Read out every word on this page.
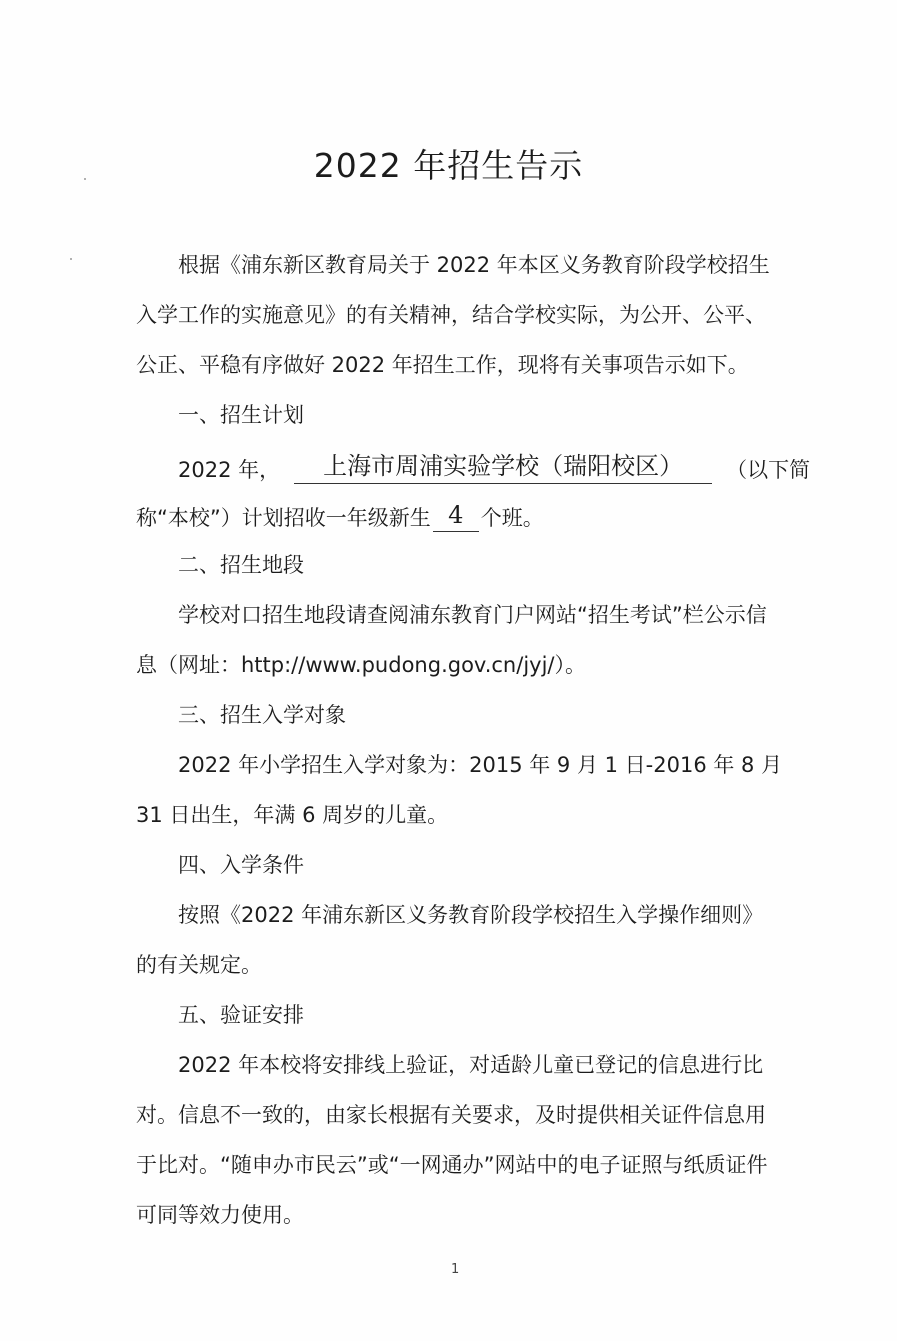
2022 年招生告示
根据《浦东新区教育局关于 2022 年本区义务教育阶段学校招生
入学工作的实施意见》的有关精神，结合学校实际，为公开、公平、
公正、平稳有序做好 2022 年招生工作，现将有关事项告示如下。
一、招生计划
2022 年，	上海市周浦实验学校（瑞阳校区）	（以下简
称“本校”）计划招收一年级新生 4 个班。
二、招生地段
学校对口招生地段请查阅浦东教育门户网站“招生考试”栏公示信
息（网址：http://www.pudong.gov.cn/jyj/）。
三、招生入学对象
2022 年小学招生入学对象为：2015 年 9 月 1 日-2016 年 8 月
31 日出生，年满 6 周岁的儿童。
四、入学条件
按照《2022 年浦东新区义务教育阶段学校招生入学操作细则》
的有关规定。
五、验证安排
2022 年本校将安排线上验证，对适龄儿童已登记的信息进行比
对。信息不一致的，由家长根据有关要求，及时提供相关证件信息用
于比对。“随申办市民云”或“一网通办”网站中的电子证照与纸质证件
可同等效力使用。
1
